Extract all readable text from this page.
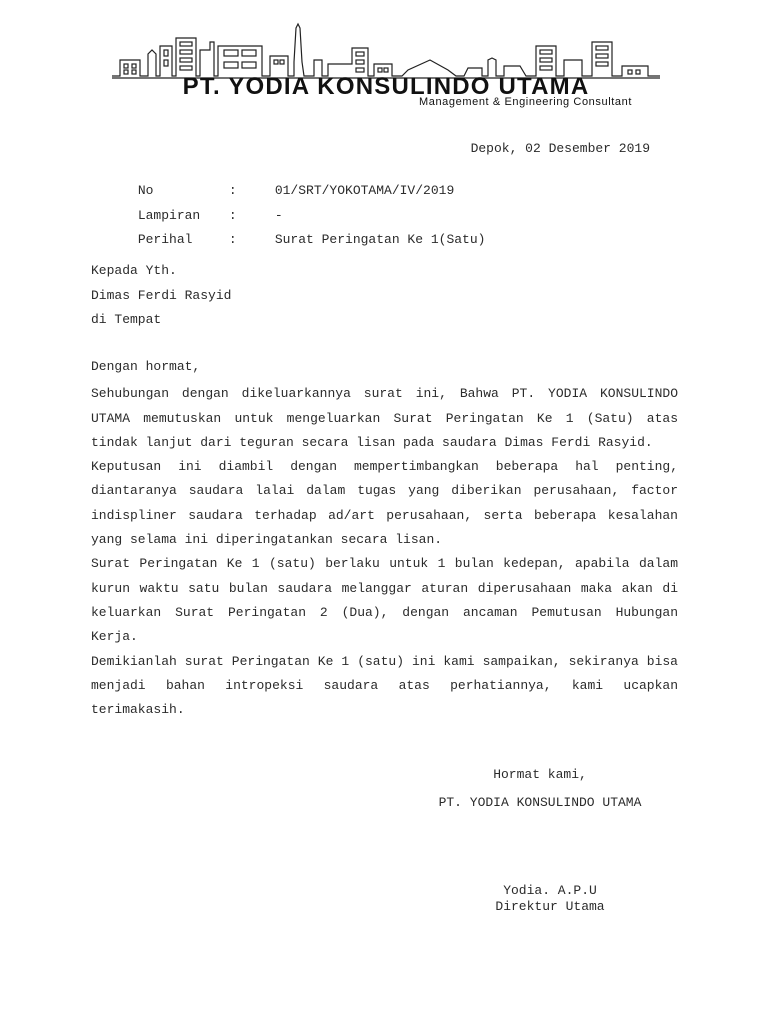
PT. YODIA KONSULINDO UTAMA
Management & Engineering Consultant
Depok, 02 Desember 2019

No	:	01/SRT/YOKOTAMA/IV/2019

Lampiran :	-

Perihal	:	Surat Peringatan Ke 1(Satu)

Kepada Yth.
Dimas Ferdi Rasyid
di Tempat
Dengan hormat,

Sehubungan dengan dikeluarkannya surat ini, Bahwa PT. YODIA KONSULINDO UTAMA memutuskan untuk mengeluarkan Surat Peringatan Ke 1 (Satu) atas tindak lanjut dari teguran secara lisan pada saudara Dimas Ferdi Rasyid.

Keputusan ini diambil dengan mempertimbangkan beberapa hal penting, diantaranya saudara lalai dalam tugas yang diberikan perusahaan, factor indispliner saudara terhadap ad/art perusahaan, serta beberapa kesalahan yang selama ini diperingatankan secara lisan.

Surat Peringatan Ke 1 (satu) berlaku untuk 1 bulan kedepan, apabila dalam kurun waktu satu bulan saudara melanggar aturan diperusahaan maka akan di keluarkan Surat Peringatan 2 (Dua), dengan ancaman Pemutusan Hubungan Kerja.

Demikianlah surat Peringatan Ke 1 (satu) ini kami sampaikan, sekiranya bisa menjadi bahan intropeksi saudara atas perhatiannya, kami ucapkan terimakasih.

Hormat kami,
PT. YODIA KONSULINDO UTAMA
Yodia. A.P.U
Direktur Utama
